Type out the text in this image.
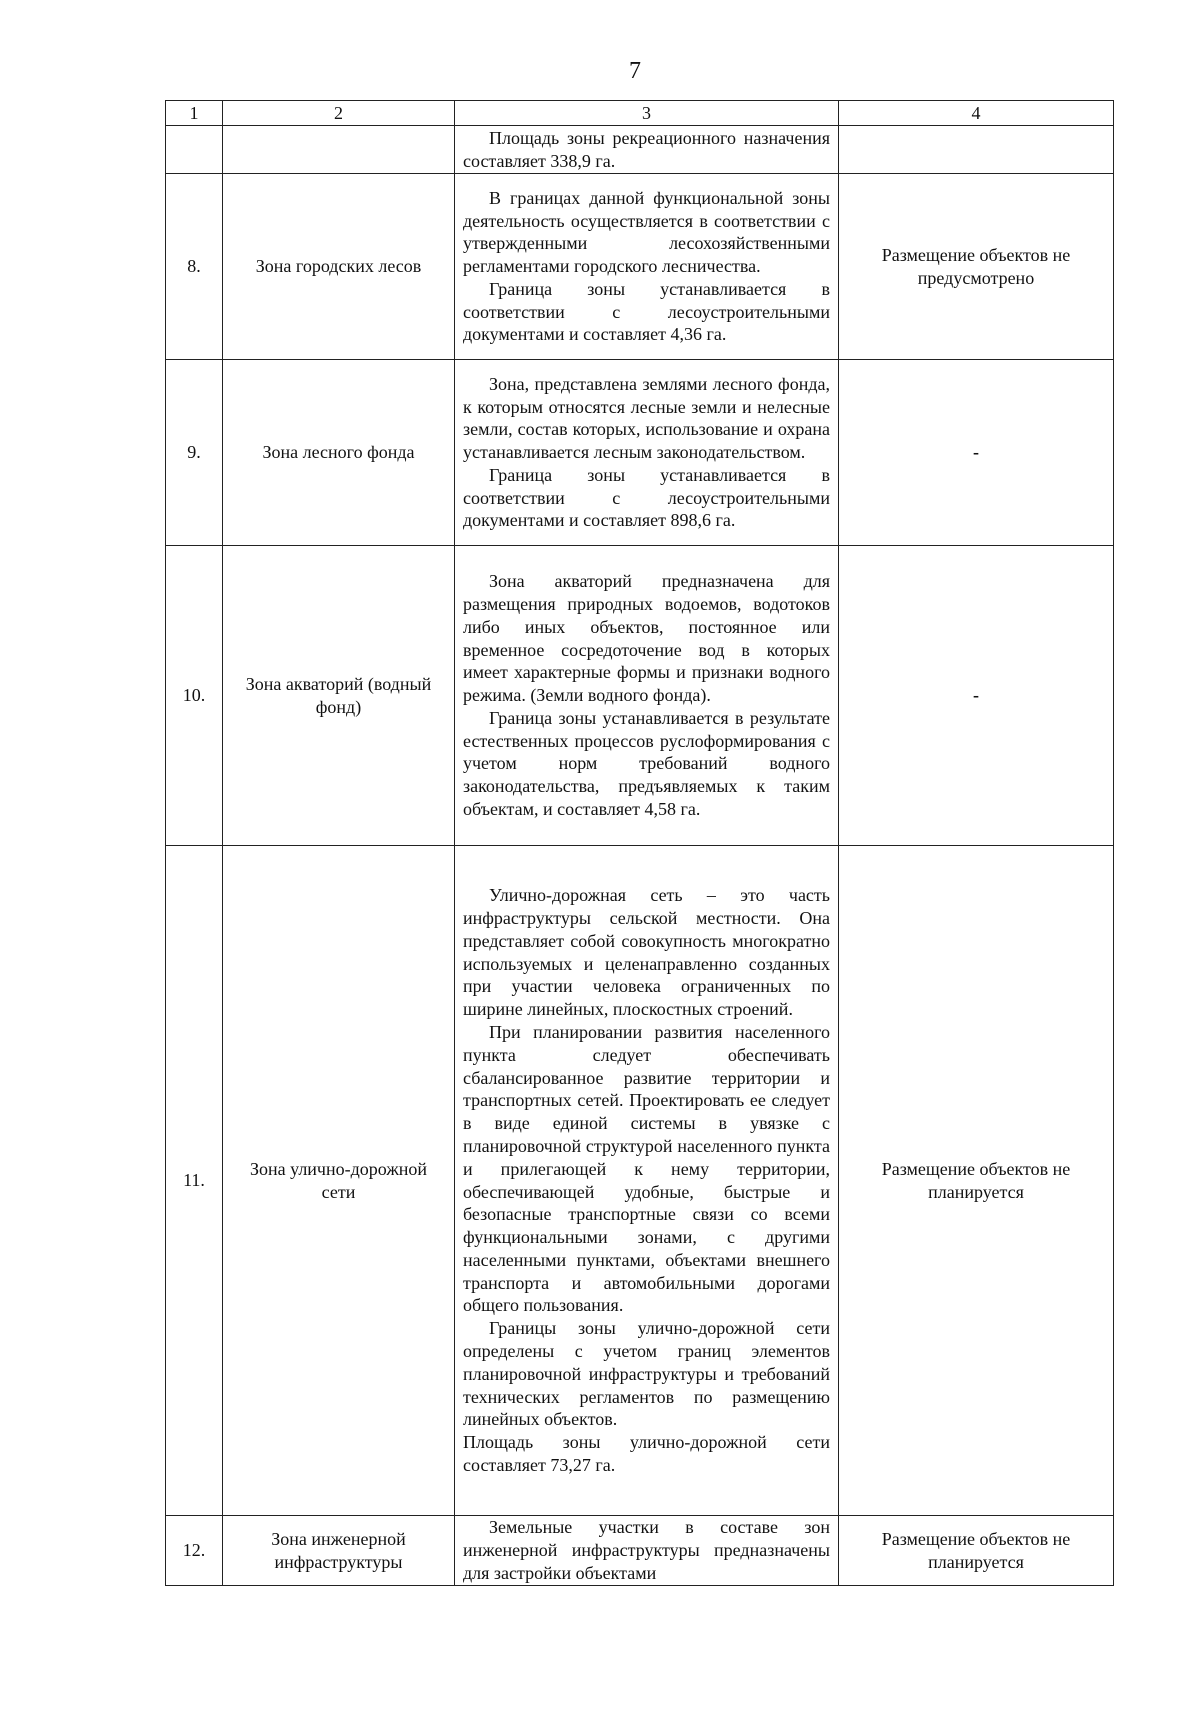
7
1	2	3	4

		Площадь зоны рекреационного назначения составляет 338,9 га.	

8.	Зона городских лесов	В границах данной функциональной зоны деятельность осуществляется в соответствии с утвержденными лесохозяйственными регламентами городского лесничества.

Граница зоны устанавливается в соответствии с лесоустроительными документами и составляет 4,36 га.	Размещение объектов не предусмотрено
9.	Зона лесного фонда	Зона, представлена землями лесного фонда, к которым относятся лесные земли и нелесные земли, состав которых, использование и охрана устанавливается лесным законодательством.

Граница зоны устанавливается в соответствии с лесоустроительными документами и составляет 898,6 га.	-
10.	Зона акваторий (водный фонд)	Зона акваторий предназначена для размещения природных водоемов, водотоков либо иных объектов, постоянное или временное сосредоточение вод в которых имеет характерные формы и признаки водного режима. (Земли водного фонда).

Граница зоны устанавливается в результате естественных процессов руслоформирования с учетом норм требований водного законодательства, предъявляемых к таким объектам, и составляет 4,58 га.	-
11.	Зона улично-дорожной сети	Улично-дорожная сеть – это часть инфраструктуры сельской местности. Она представляет собой совокупность многократно используемых и целенаправленно созданных при участии человека ограниченных по ширине линейных, плоскостных строений.

При планировании развития населенного пункта следует обеспечивать сбалансированное развитие территории и транспортных сетей. Проектировать ее следует в виде единой системы в увязке с планировочной структурой населенного пункта и прилегающей к нему территории, обеспечивающей удобные, быстрые и безопасные транспортные связи со всеми функциональными зонами, с другими населенными пунктами, объектами внешнего транспорта и автомобильными дорогами общего пользования.

Границы зоны улично-дорожной сети определены с учетом границ элементов планировочной инфраструктуры и требований технических регламентов по размещению линейных объектов.

Площадь зоны улично-дорожной сети составляет 73,27 га.	Размещение объектов не планируется
12.	Зона инженерной инфраструктуры	Земельные участки в составе зон инженерной инфраструктуры предназначены для застройки объектами	Размещение объектов не планируется
